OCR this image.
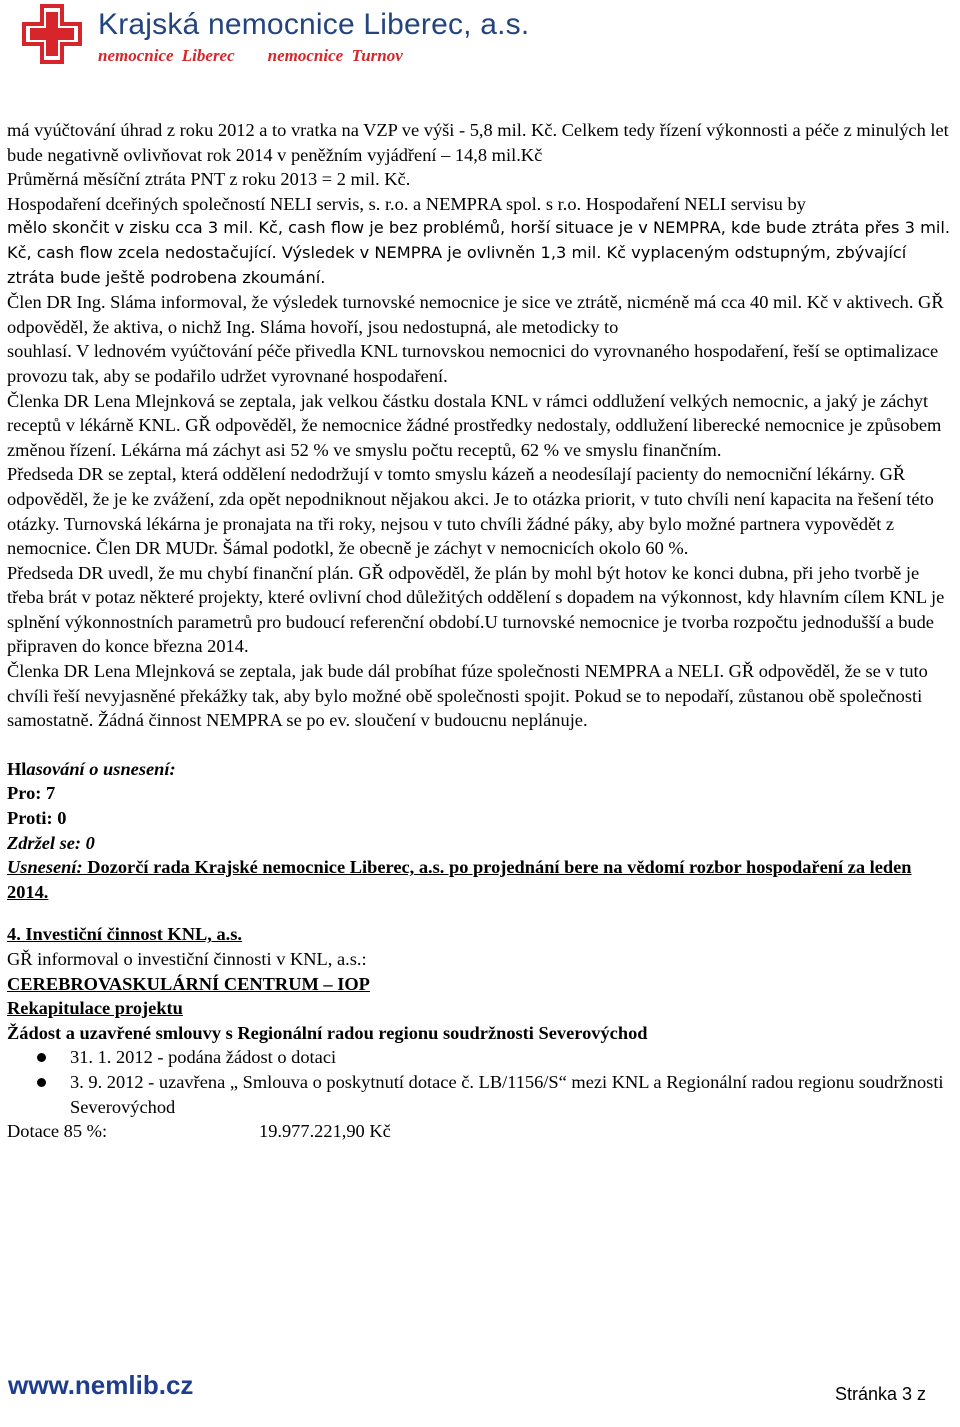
Krajská nemocnice Liberec, a.s.
nemocnice Liberec nemocnice Turnov

má vyúčtování úhrad z roku 2012 a to vratka na VZP ve výši - 5,8 mil. Kč. Celkem tedy řízení výkonnosti a péče z minulých let bude negativně ovlivňovat rok 2014 v peněžním vyjádření – 14,8 mil.Kč

Průměrná měsíční ztráta PNT z roku 2013 = 2 mil. Kč.

Hospodaření dceřiných společností NELI servis, s. r.o. a NEMPRA spol. s r.o. Hospodaření NELI servisu by

mělo skončit v zisku cca 3 mil. Kč, cash flow je bez problémů, horší situace je v NEMPRA, kde bude ztráta přes 3 mil. Kč, cash flow zcela nedostačující. Výsledek v NEMPRA je ovlivněn 1,3 mil. Kč vyplaceným odstupným, zbývající ztráta bude ještě podrobena zkoumání.

Člen DR Ing. Sláma informoval, že výsledek turnovské nemocnice je sice ve ztrátě, nicméně má cca 40 mil. Kč v aktivech. GŘ odpověděl, že aktiva, o nichž Ing. Sláma hovoří, jsou nedostupná, ale metodicky to

souhlasí. V lednovém vyúčtování péče přivedla KNL turnovskou nemocnici do vyrovnaného hospodaření, řeší se optimalizace provozu tak, aby se podařilo udržet vyrovnané hospodaření.

Členka DR Lena Mlejnková se zeptala, jak velkou částku dostala KNL v rámci oddlužení velkých nemocnic, a jaký je záchyt receptů v lékárně KNL. GŘ odpověděl, že nemocnice žádné prostředky nedostaly, oddlužení liberecké nemocnice je způsobem změnou řízení. Lékárna má záchyt asi 52 % ve smyslu počtu receptů, 62 % ve smyslu finančním.

Předseda DR se zeptal, která oddělení nedodržují v tomto smyslu kázeň a neodesílají pacienty do nemocniční lékárny. GŘ odpověděl, že je ke zvážení, zda opět nepodniknout nějakou akci. Je to otázka priorit, v tuto chvíli není kapacita na řešení této otázky. Turnovská lékárna je pronajata na tři roky, nejsou v tuto chvíli žádné páky, aby bylo možné partnera vypovědět z nemocnice. Člen DR MUDr. Šámal podotkl, že obecně je záchyt v nemocnicích okolo 60 %.

Předseda DR uvedl, že mu chybí finanční plán. GŘ odpověděl, že plán by mohl být hotov ke konci dubna, při jeho tvorbě je třeba brát v potaz některé projekty, které ovlivní chod důležitých oddělení s dopadem na výkonnost, kdy hlavním cílem KNL je splnění výkonnostních parametrů pro budoucí referenční období.U turnovské nemocnice je tvorba rozpočtu jednodušší a bude připraven do konce března 2014.

Členka DR Lena Mlejnková se zeptala, jak bude dál probíhat fúze společnosti NEMPRA a NELI. GŘ odpověděl, že se v tuto chvíli řeší nevyjasněné překážky tak, aby bylo možné obě společnosti spojit. Pokud se to nepodaří, zůstanou obě společnosti samostatně. Žádná činnost NEMPRA se po ev. sloučení v budoucnu neplánuje.

Hlasování o usnesení:

Pro: 7

Proti: 0

Zdržel se: 0

Usnesení: Dozorčí rada Krajské nemocnice Liberec, a.s. po projednání bere na vědomí rozbor hospodaření za leden 2014.

4. Investiční činnost KNL, a.s.

GŘ informoval o investiční činnosti v KNL, a.s.:

CEREBROVASKULÁRNÍ CENTRUM – IOP

Rekapitulace projektu

Žádost a uzavřené smlouvy s Regionální radou regionu soudržnosti Severovýchod

31. 1. 2012 - podána žádost o dotaci
3. 9. 2012 - uzavřena „ Smlouva o poskytnutí dotace č. LB/1156/S“ mezi KNL a Regionální radou regionu soudržnosti Severovýchod

Dotace 85 %:	19.977.221,90 Kč

www.nemlib.cz	Stránka 3 z
